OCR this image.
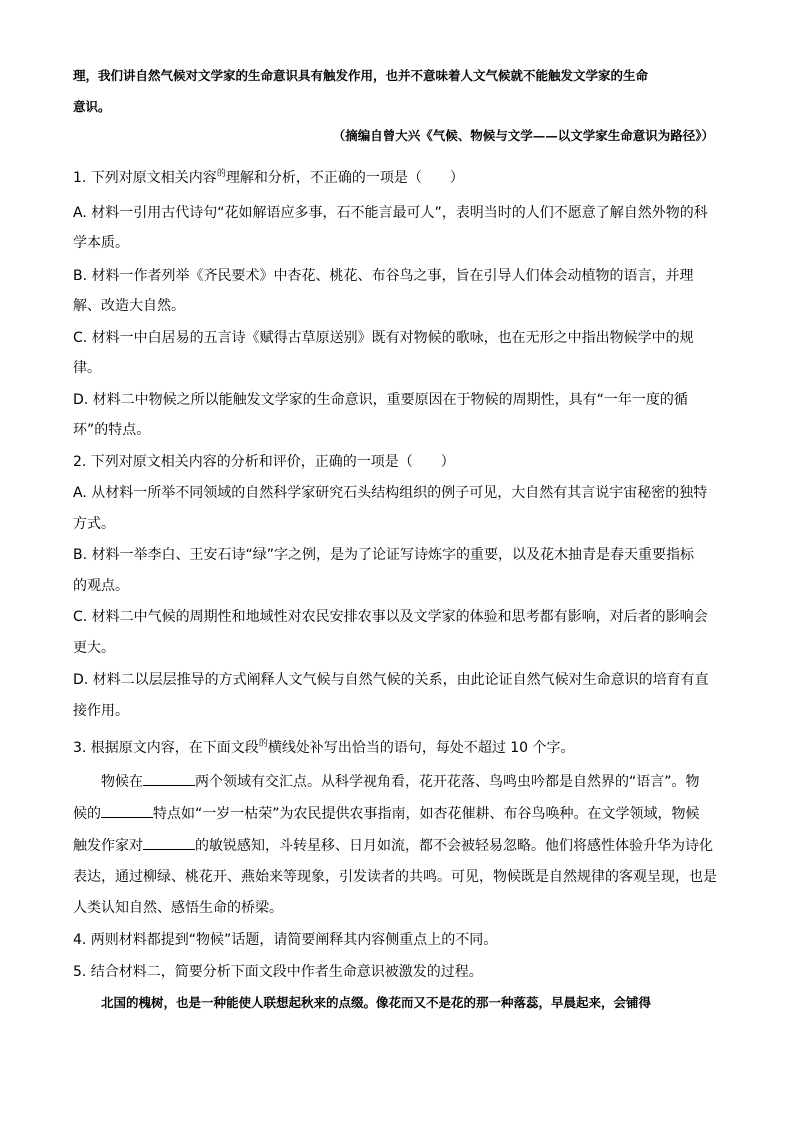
理，我们讲自然气候对文学家的生命意识具有触发作用，也并不意味着人文气候就不能触发文学家的生命
意识。
（摘编自曾大兴《气候、物候与文学——以文学家生命意识为路径》）
1. 下列对原文相关内容$^的$理解和分析，不正确的一项是（　　）
A. 材料一引用古代诗句“花如解语应多事，石不能言最可人”，表明当时的人们不愿意了解自然外物的科
学本质。
B. 材料一作者列举《齐民要术》中杏花、桃花、布谷鸟之事，旨在引导人们体会动植物的语言，并理
解、改造大自然。
C. 材料一中白居易的五言诗《赋得古草原送别》既有对物候的歌咏，也在无形之中指出物候学中的规
律。
D. 材料二中物候之所以能触发文学家的生命意识，重要原因在于物候的周期性，具有“一年一度的循
环”的特点。
2. 下列对原文相关内容的分析和评价，正确的一项是（　　）
A. 从材料一所举不同领域的自然科学家研究石头结构组织的例子可见，大自然有其言说宇宙秘密的独特
方式。
B. 材料一举李白、王安石诗“绿”字之例，是为了论证写诗炼字的重要，以及花木抽青是春天重要指标
的观点。
C. 材料二中气候的周期性和地域性对农民安排农事以及文学家的体验和思考都有影响，对后者的影响会
更大。
D. 材料二以层层推导的方式阐释人文气候与自然气候的关系，由此论证自然气候对生命意识的培育有直
接作用。
3. 根据原文内容，在下面文段$^的$横线处补写出恰当的语句，每处不超过 10 个字。
物候在	两个领域有交汇点。从科学视角看，花开花落、鸟鸣虫吟都是自然界的“语言”。物
候的	特点如“一岁一枯荣”为农民提供农事指南，如杏花催耕、布谷鸟唤种。在文学领域，物候
触发作家对	的敏锐感知，斗转星移、日月如流，都不会被轻易忽略。他们将感性体验升华为诗化
表达，通过柳绿、桃花开、燕始来等现象，引发读者的共鸣。可见，物候既是自然规律的客观呈现，也是
人类认知自然、感悟生命的桥梁。
4. 两则材料都提到“物候”话题，请简要阐释其内容侧重点上的不同。
5. 结合材料二，简要分析下面文段中作者生命意识被激发的过程。
北国的槐树，也是一种能使人联想起秋来的点缀。像花而又不是花的那一种落蕊，早晨起来，会铺得
